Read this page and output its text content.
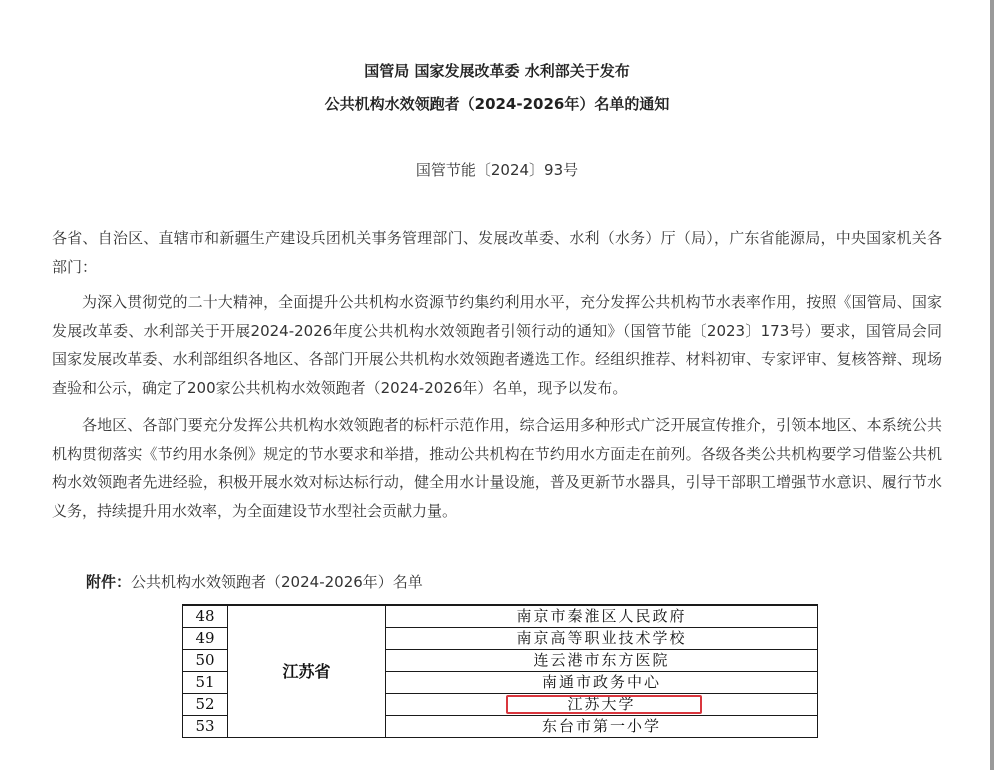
国管局 国家发展改革委 水利部关于发布
公共机构水效领跑者（2024-2026年）名单的通知
国管节能〔2024〕93号

各省、自治区、直辖市和新疆生产建设兵团机关事务管理部门、发展改革委、水利（水务）厅（局），广东省能源局，中央国家机关各部门：

为深入贯彻党的二十大精神，全面提升公共机构水资源节约集约利用水平，充分发挥公共机构节水表率作用，按照《国管局、国家发展改革委、水利部关于开展2024-2026年度公共机构水效领跑者引领行动的通知》（国管节能〔2023〕173号）要求，国管局会同国家发展改革委、水利部组织各地区、各部门开展公共机构水效领跑者遴选工作。经组织推荐、材料初审、专家评审、复核答辩、现场查验和公示，确定了200家公共机构水效领跑者（2024-2026年）名单，现予以发布。

各地区、各部门要充分发挥公共机构水效领跑者的标杆示范作用，综合运用多种形式广泛开展宣传推介，引领本地区、本系统公共机构贯彻落实《节约用水条例》规定的节水要求和举措，推动公共机构在节约用水方面走在前列。各级各类公共机构要学习借鉴公共机构水效领跑者先进经验，积极开展水效对标达标行动，健全用水计量设施，普及更新节水器具，引导干部职工增强节水意识、履行节水义务，持续提升用水效率，为全面建设节水型社会贡献力量。

附件：公共机构水效领跑者（2024-2026年）名单
48	江苏省	南京市秦淮区人民政府
49		南京高等职业技术学校
50		连云港市东方医院
51		南通市政务中心
52		江苏大学

53		东台市第一小学
